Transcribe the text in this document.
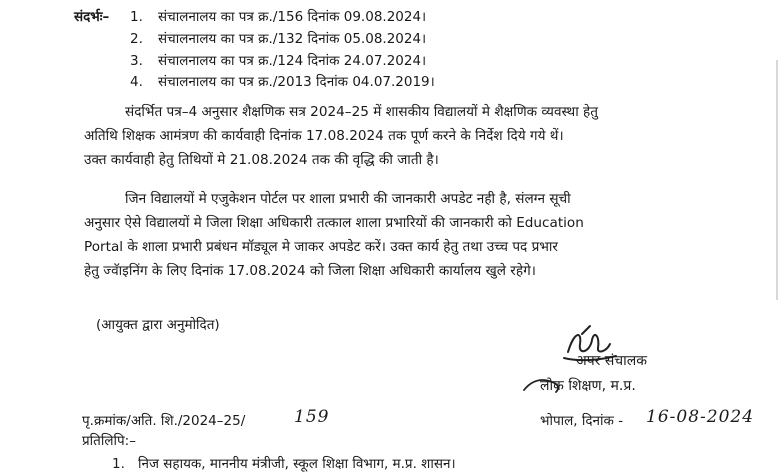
संदर्भः– 1. संचालनालय का पत्र क्र./156 दिनांक 09.08.2024।
2. संचालनालय का पत्र क्र./132 दिनांक 05.08.2024।
3. संचालनालय का पत्र क्र./124 दिनांक 24.07.2024।
4. संचालनालय का पत्र क्र./2013 दिनांक 04.07.2019।
संदर्भित पत्र–4 अनुसार शैक्षणिक सत्र 2024–25 में शासकीय विद्यालयों मे शैक्षणिक व्यवस्था हेतु
अतिथि शिक्षक आमंत्रण की कार्यवाही दिनांक 17.08.2024 तक पूर्ण करने के निर्देश दिये गये थें।
उक्त कार्यवाही हेतु तिथियों मे 21.08.2024 तक की वृद्धि की जाती है।
जिन विद्यालयों मे एजुकेशन पोर्टल पर शाला प्रभारी की जानकारी अपडेट नही है, संलग्न सूची
अनुसार ऐसे विद्यालयों मे जिला शिक्षा अधिकारी तत्काल शाला प्रभारियों की जानकारी को Education
Portal के शाला प्रभारी प्रबंधन मॉड्यूल मे जाकर अपडेट करें। उक्त कार्य हेतु तथा उच्च पद प्रभार
हेतु ज्वॅाइनिंग के लिए दिनांक 17.08.2024 को जिला शिक्षा अधिकारी कार्यालय खुले रहेगे।
(आयुक्त द्वारा अनुमोदित)
अपर संचालक
लोक शिक्षण, म.प्र.
पृ.क्रमांक/अति. शि./2024–25/	159	भोपाल, दिनांक - 16-08-2024
प्रतिलिपि:–
1. निज सहायक, माननीय मंत्रीजी, स्कूल शिक्षा विभाग, म.प्र. शासन।
